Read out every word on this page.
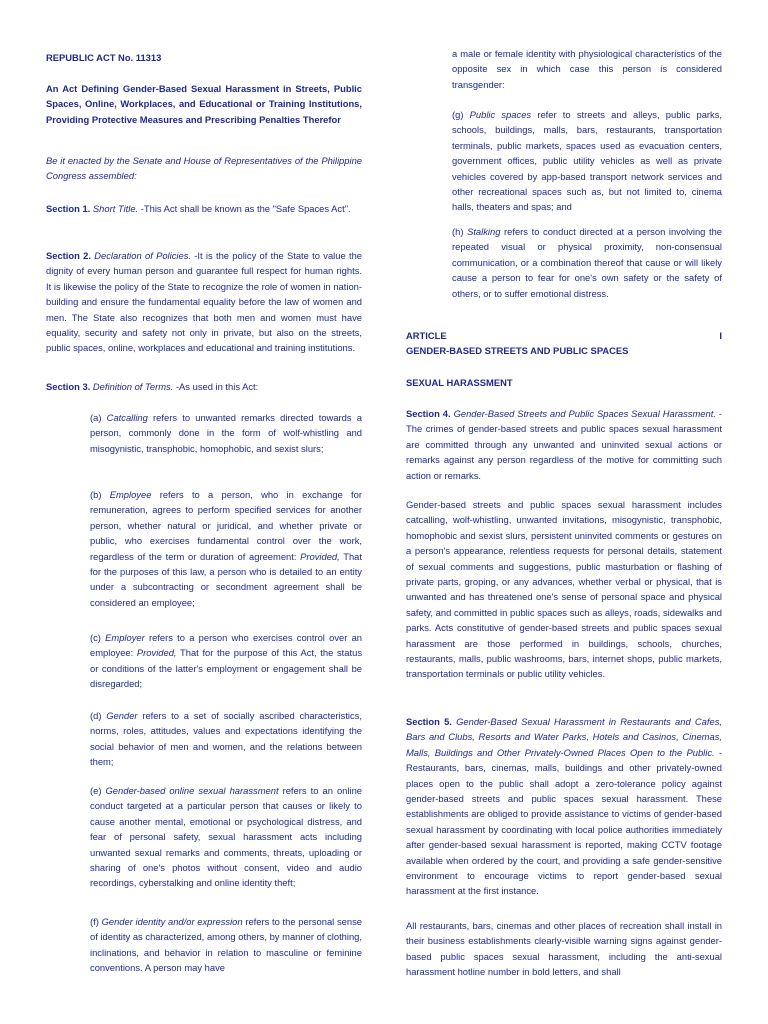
REPUBLIC ACT No. 11313

An Act Defining Gender-Based Sexual Harassment in Streets, Public Spaces, Online, Workplaces, and Educational or Training Institutions, Providing Protective Measures and Prescribing Penalties Therefor

Be it enacted by the Senate and House of Representatives of the Philippine Congress assembled:

Section 1. Short Title. -This Act shall be known as the "Safe Spaces Act".

Section 2. Declaration of Policies. -It is the policy of the State to value the dignity of every human person and guarantee full respect for human rights. It is likewise the policy of the State to recognize the role of women in nation-building and ensure the fundamental equality before the law of women and men. The State also recognizes that both men and women must have equality, security and safety not only in private, but also on the streets, public spaces, online, workplaces and educational and training institutions.

Section 3. Definition of Terms. -As used in this Act:

(a) Catcalling refers to unwanted remarks directed towards a person, commonly done in the form of wolf-whistling and misogynistic, transphobic, homophobic, and sexist slurs;

(b) Employee refers to a person, who in exchange for remuneration, agrees to perform specified services for another person, whether natural or juridical, and whether private or public, who exercises fundamental control over the work, regardless of the term or duration of agreement: Provided, That for the purposes of this law, a person who is detailed to an entity under a subcontracting or secondment agreement shall be considered an employee;

(c) Employer refers to a person who exercises control over an employee: Provided, That for the purpose of this Act, the status or conditions of the latter's employment or engagement shall be disregarded;

(d) Gender refers to a set of socially ascribed characteristics, norms, roles, attitudes, values and expectations identifying the social behavior of men and women, and the relations between them;

(e) Gender-based online sexual harassment refers to an online conduct targeted at a particular person that causes or likely to cause another mental, emotional or psychological distress, and fear of personal safety, sexual harassment acts including unwanted sexual remarks and comments, threats, uploading or sharing of one's photos without consent, video and audio recordings, cyberstalking and online identity theft;

(f) Gender identity and/or expression refers to the personal sense of identity as characterized, among others, by manner of clothing, inclinations, and behavior in relation to masculine or feminine conventions. A person may have

a male or female identity with physiological characteristics of the opposite sex in which case this person is considered transgender:

(g) Public spaces refer to streets and alleys, public parks, schools, buildings, malls, bars, restaurants, transportation terminals, public markets, spaces used as evacuation centers, government offices, public utility vehicles as well as private vehicles covered by app-based transport network services and other recreational spaces such as, but not limited to, cinema halls, theaters and spas; and

(h) Stalking refers to conduct directed at a person involving the repeated visual or physical proximity, non-consensual communication, or a combination thereof that cause or will likely cause a person to fear for one's own safety or the safety of others, or to suffer emotional distress.

ARTICLE	I

GENDER-BASED STREETS AND PUBLIC SPACES

SEXUAL HARASSMENT

Section 4. Gender-Based Streets and Public Spaces Sexual Harassment. -The crimes of gender-based streets and public spaces sexual harassment are committed through any unwanted and uninvited sexual actions or remarks against any person regardless of the motive for committing such action or remarks.

Gender-based streets and public spaces sexual harassment includes catcalling, wolf-whistling, unwanted invitations, misogynistic, transphobic, homophobic and sexist slurs, persistent uninvited comments or gestures on a person's appearance, relentless requests for personal details, statement of sexual comments and suggestions, public masturbation or flashing of private parts, groping, or any advances, whether verbal or physical, that is unwanted and has threatened one's sense of personal space and physical safety, and committed in public spaces such as alleys, roads, sidewalks and parks. Acts constitutive of gender-based streets and public spaces sexual harassment are those performed in buildings, schools, churches, restaurants, malls, public washrooms, bars, internet shops, public markets, transportation terminals or public utility vehicles.

Section 5. Gender-Based Sexual Harassment in Restaurants and Cafes, Bars and Clubs, Resorts and Water Parks, Hotels and Casinos, Cinemas, Malls, Buildings and Other Privately-Owned Places Open to the Public. -Restaurants, bars, cinemas, malls, buildings and other privately-owned places open to the public shall adopt a zero-tolerance policy against gender-based streets and public spaces sexual harassment. These establishments are obliged to provide assistance to victims of gender-based sexual harassment by coordinating with local police authorities immediately after gender-based sexual harassment is reported, making CCTV footage available when ordered by the court, and providing a safe gender-sensitive environment to encourage victims to report gender-based sexual harassment at the first instance.

All restaurants, bars, cinemas and other places of recreation shall install in their business establishments clearly-visible warning signs against gender-based public spaces sexual harassment, including the anti-sexual harassment hotline number in bold letters, and shall
